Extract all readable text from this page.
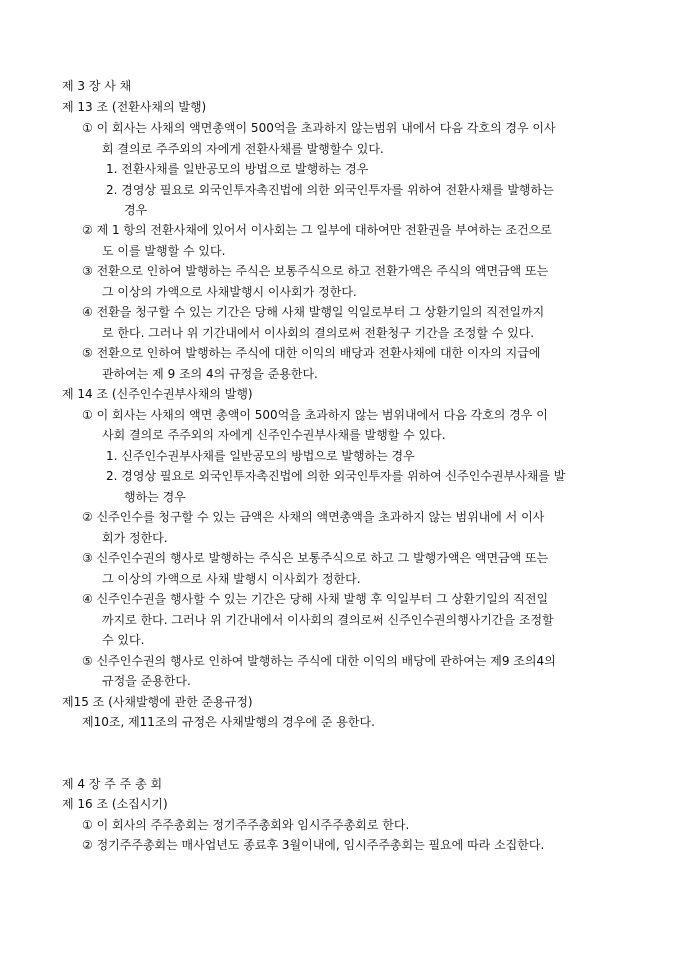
제 3 장 사 채
제 13 조 (전환사채의 발행)
① 이 회사는 사채의 액면총액이 500억을 초과하지 않는범위 내에서 다음 각호의 경우 이사
회 결의로 주주외의 자에게 전환사채를 발행할수 있다.
1. 전환사채를 일반공모의 방법으로 발행하는 경우
2. 경영상 필요로 외국인투자촉진법에 의한 외국인투자를 위하여 전환사채를 발행하는
경우
② 제 1 항의 전환사채에 있어서 이사회는 그 일부에 대하여만 전환권을 부여하는 조건으로
도 이를 발행할 수 있다.
③ 전환으로 인하여 발행하는 주식은 보통주식으로 하고 전환가액은 주식의 액면금액 또는
그 이상의 가액으로 사채발행시 이사회가 정한다.
④ 전환을 청구할 수 있는 기간은 당해 사채 발행일 익일로부터 그 상환기일의 직전일까지
로 한다. 그러나 위 기간내에서 이사회의 결의로써 전환청구 기간을 조정할 수 있다.
⑤ 전환으로 인하여 발행하는 주식에 대한 이익의 배당과 전환사채에 대한 이자의 지급에
관하여는 제 9 조의 4의 규정을 준용한다.
제 14 조 (신주인수권부사채의 발행)
① 이 회사는 사채의 액면 총액이 500억을 초과하지 않는 범위내에서 다음 각호의 경우 이
사회 결의로 주주외의 자에게 신주인수권부사채를 발행할 수 있다.
1. 신주인수권부사채를 일반공모의 방법으로 발행하는 경우
2. 경영상 필요로 외국인투자촉진법에 의한 외국인투자를 위하여 신주인수권부사채를 발
행하는 경우
② 신주인수를 청구할 수 있는 금액은 사채의 액면총액을 초과하지 않는 범위내에 서 이사
회가 정한다.
③ 신주인수권의 행사로 발행하는 주식은 보통주식으로 하고 그 발행가액은 액면금액 또는
그 이상의 가액으로 사채 발행시 이사회가 정한다.
④ 신주인수권을 행사할 수 있는 기간은 당해 사채 발행 후 익일부터 그 상환기일의 직전일
까지로 한다. 그러나 위 기간내에서 이사회의 결의로써 신주인수권의행사기간을 조정할
수 있다.
⑤ 신주인수권의 행사로 인하여 발행하는 주식에 대한 이익의 배당에 관하여는 제9 조의4의
규정을 준용한다.
제15 조 (사채발행에 관한 준용규정)
제10조, 제11조의 규정은 사채발행의 경우에 준 용한다.
제 4 장 주 주 총 회
제 16 조 (소집시기)
① 이 회사의 주주총회는 정기주주총회와 임시주주총회로 한다.
② 정기주주총회는 매사업년도 종료후 3월이내에, 임시주주총회는 필요에 따라 소집한다.
